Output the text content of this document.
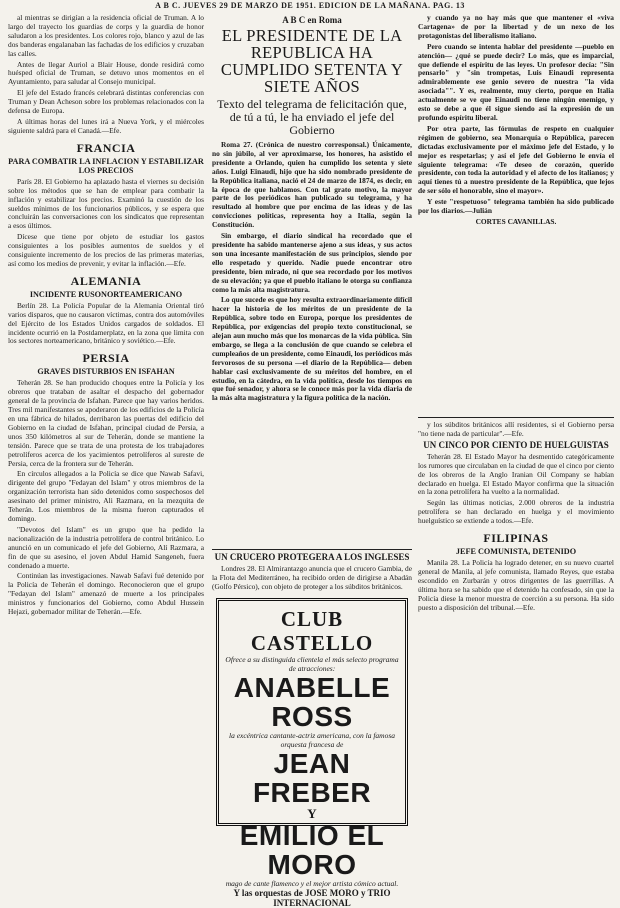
A B C. JUEVES 29 DE MARZO DE 1951. EDICION DE LA MAÑANA. PAG. 13

al mientras se dirigían a la residencia oficial de Truman. A lo largo del trayecto los guardias de corps y la guardia de honor saludaron a los presidentes. Los colores rojo, blanco y azul de las dos banderas engalanaban las fachadas de los edificios y cruzaban las calles.

Antes de llegar Auriol a Blair House, donde residirá como huésped oficial de Truman, se detuvo unos momentos en el Ayuntamiento, para saludar al Consejo municipal.

El jefe del Estado francés celebrará distintas conferencias con Truman y Dean Acheson sobre los problemas relacionados con la defensa de Europa.

A últimas horas del lunes irá a Nueva York, y el miércoles siguiente saldrá para el Canadá.—Efe.

FRANCIA
PARA COMBATIR LA INFLACION Y ESTABILIZAR LOS PRECIOS

París 28. El Gobierno ha aplazado hasta el viernes su decisión sobre los métodos que se han de emplear para combatir la inflación y estabilizar los precios. Examinó la cuestión de los sueldos mínimos de los funcionarios públicos, y se espera que concluirán las conversaciones con los sindicatos que representan a esos últimos.

Dícese que tiene por objeto de estudiar los gastos consiguientes a los posibles aumentos de sueldos y el consiguiente incremento de los precios de las primeras materias, así como los medios de prevenir, y evitar la inflación.—Efe.

ALEMANIA
INCIDENTE RUSONORTEAMERICANO

Berlín 28. La Policía Popular de la Alemania Oriental tiró varios disparos, que no causaron víctimas, contra dos automóviles del Ejército de los Estados Unidos cargados de soldados. El incidente ocurrió en la Postdamerplatz, en la zona que limita con los sectores norteamericano, británico y soviético.—Efe.

PERSIA
GRAVES DISTURBIOS EN ISFAHAN

Teherán 28. Se han producido choques entre la Policía y los obreros que trataban de asaltar el despacho del gobernador general de la provincia de Isfahan. Parece que hay varios heridos. Tres mil manifestantes se apoderaron de los edificios de la Policía en una fábrica de hilados, derribaron las puertas del edificio del Gobierno en la ciudad de Isfahan, principal ciudad de Persia, a unos 350 kilómetros al sur de Teherán, donde se mantiene la tensión. Parece que se trata de una protesta de los trabajadores petrolíferos acerca de los yacimientos petrolíferos al sureste de Persia, cerca de la frontera sur de Teherán.

En círculos allegados a la Policía se dice que Nawab Safavi, dirigente del grupo "Fedayan del Islam" y otros miembros de la organización terrorista han sido detenidos como sospechosos del asesinato del primer ministro, Ali Razmara, en la mezquita de Teherán. Los miembros de la misma fueron capturados el domingo.

"Devotos del Islam" es un grupo que ha pedido la nacionalización de la industria petrolífera de control británico. Lo anunció en un comunicado el jefe del Gobierno, Alí Razmara, a fin de que su asesino, el joven Abdul Hamid Sangeneh, fuera condenado a muerte.

Continúan las investigaciones. Nawab Safavi fué detenido por la Policía de Teherán el domingo. Reconocieron que el grupo "Fedayan del Islam" amenazó de muerte a los principales ministros y funcionarios del Gobierno, como Abdul Hussein Hejazi, gobernador militar de Teherán.—Efe.

A B C en Roma
EL PRESIDENTE DE LA REPUBLICA HA CUMPLIDO SETENTA Y SIETE AÑOS
Texto del telegrama de felicitación que, de tú a tú, le ha enviado el jefe del Gobierno

Roma 27. (Crónica de nuestro corresponsal.) Únicamente, no sin júbilo, al ver aproximarse, los honores, ha asistido el presidente a Orlando, quien ha cumplido los setenta y siete años. Luigi Einaudi, hijo que ha sido nombrado presidente de la República italiana, nació el 24 de marzo de 1874, es decir, en la época de que hablamos. Con tal grato motivo, la mayor parte de los periódicos han publicado su telegrama, y ha resultado al hombre que por encima de las ideas y de las convicciones políticas, representa hoy a Italia, según la Constitución.

Sin embargo, el diario sindical ha recordado que el presidente ha sabido mantenerse ajeno a sus ideas, y sus actos son una incesante manifestación de sus principios, siendo por ello respetado y querido. Nadie puede encontrar otro presidente, bien mirado, ni que sea recordado por los motivos de su elevación; ya que el pueblo italiano le otorga su confianza como la más alta magistratura.

Lo que sucede es que hoy resulta extraordinariamente difícil hacer la historia de los méritos de un presidente de la República, sobre todo en Europa, porque los presidentes de República, por exigencias del propio texto constitucional, se alejan aun mucho más que los monarcas de la vida pública. Sin embargo, se llega a la conclusión de que cuando se celebra el cumpleaños de un presidente, como Einaudi, los periódicos más fervorosos de su persona —el diario de la República— deben hablar casi exclusivamente de su méritos del hombre, en el estudio, en la cátedra, en la vida política, desde los tiempos en que fué senador, y ahora se le conoce más por la vida diaria de la más alta magistratura y la figura política de la nación.

UN CRUCERO PROTEGERA A LOS INGLESES

Londres 28. El Almirantazgo anuncia que el crucero Gambia, de la Flota del Mediterráneo, ha recibido orden de dirigirse a Abadán (Golfo Pérsico), con objeto de proteger a los súbditos británicos.

CLUB CASTELLO
Ofrece a su distinguida clientela el más selecto programa de atracciones:
ANABELLE ROSS
la excéntrica cantante-actriz americana, con la famosa orquesta francesa de
JEAN FREBER
Y
EMILIO EL MORO
mago de cante flamenco y el mejor artista cómico actual.
Y las orquestas de JOSE MORO y TRIO INTERNACIONAL

y cuando ya no hay más que que mantener el «viva Cartagena» de por la libertad y de un nexo de los protagonistas del liberalismo italiano.

Pero cuando se intenta hablar del presidente —pueblo en atención— ¿qué se puede decir? Lo más, que es imparcial, que defiende el espíritu de las leyes. Un profesor decía: "Sin pensarlo" y "sin trompetas, Luis Einaudi representa admirablemente ese genio severo de nuestra "la vida asociada"". Y es, realmente, muy cierto, porque en Italia actualmente se ve que Einaudi no tiene ningún enemigo, y esto se debe a que él sigue siendo así la expresión de un profundo espíritu liberal.

Por otra parte, las fórmulas de respeto en cualquier régimen de gobierno, sea Monarquía o República, parecen dictadas exclusivamente por el máximo jefe del Estado, y lo mejor es respetarlas; y así el jefe del Gobierno le envía el siguiente telegrama: «Te deseo de corazón, querido presidente, con toda la autoridad y el afecto de los italianos; y aquí tienes tú a nuestro presidente de la República, que lejos de ser sólo el honorable, sino el mayor».

Y este "respetuoso" telegrama también ha sido publicado por los diarios.—Julián

CORTES CAVANILLAS.

y los súbditos británicos allí residentes, si el Gobierno persa "no tiene nada de particular".—Efe.

UN CINCO POR CIENTO DE HUELGUISTAS

Teherán 28. El Estado Mayor ha desmentido categóricamente los rumores que circulaban en la ciudad de que el cinco por ciento de los obreros de la Anglo Iranian Oil Company se habían declarado en huelga. El Estado Mayor confirma que la situación en la zona petrolífera ha vuelto a la normalidad.

Según las últimas noticias, 2.000 obreros de la industria petrolífera se han declarado en huelga y el movimiento huelguístico se extiende a todos.—Efe.

FILIPINAS
JEFE COMUNISTA, DETENIDO

Manila 28. La Policía ha logrado detener, en su nuevo cuartel general de Manila, al jefe comunista, llamado Reyes, que estaba escondido en Zurbarán y otros dirigentes de las guerrillas. A última hora se ha sabido que el detenido ha confesado, sin que la Policía diese la menor muestra de coerción a su persona. Ha sido puesto a disposición del tribunal.—Efe.
